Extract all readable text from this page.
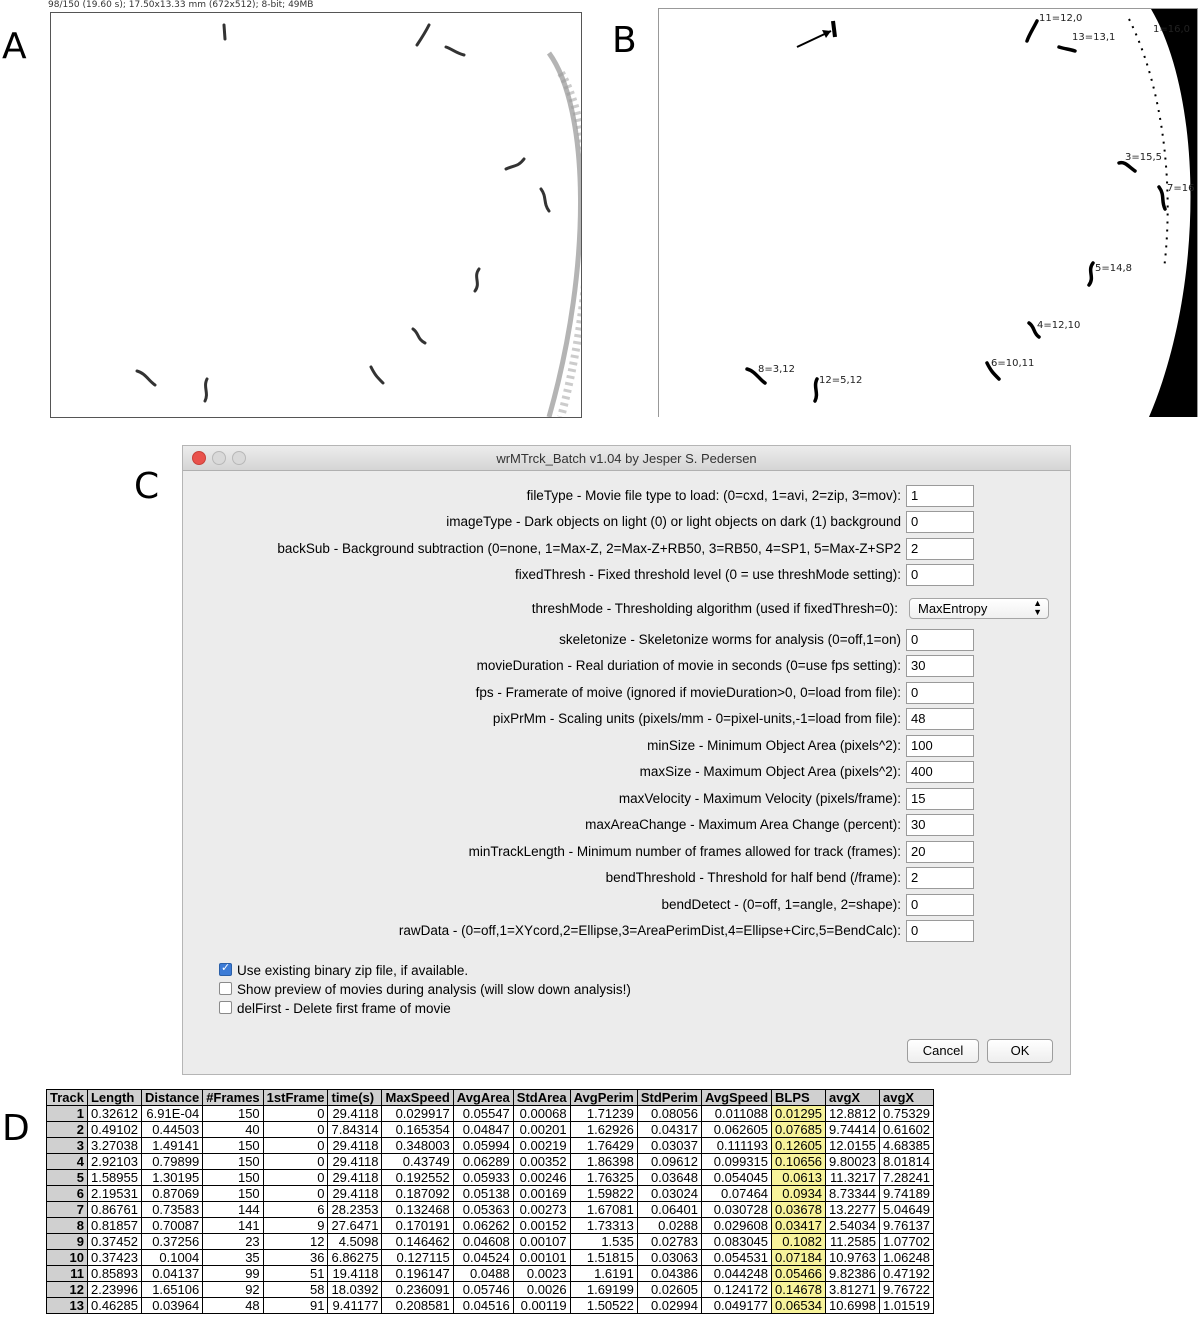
A	B
C
D
98/150 (19.60 s); 17.50x13.33 mm (672x512); 8-bit; 49MB
11=12,0
13=13,1
1=16,0
3=15,5
7=16
5=14,8
4=12,10
6=10,11
8=3,12
12=5,12
wrMTrck_Batch v1.04 by Jesper S. Pedersen
fileType - Movie file type to load: (0=cxd, 1=avi, 2=zip, 3=mov): 1
imageType - Dark objects on light (0) or light objects on dark (1) background 0
backSub - Background subtraction (0=none, 1=Max-Z, 2=Max-Z+RB50, 3=RB50, 4=SP1, 5=Max-Z+SP2 2
fixedThresh - Fixed threshold level (0 = use threshMode setting): 0
threshMode - Thresholding algorithm (used if fixedThresh=0):	MaxEntropy	▲
▼
skeletonize - Skeletonize worms for analysis (0=off,1=on) 0
movieDuration - Real duriation of movie in seconds (0=use fps setting): 30
fps - Framerate of moive (ignored if movieDuration>0, 0=load from file): 0
pixPrMm - Scaling units (pixels/mm - 0=pixel-units,-1=load from file): 48
minSize - Minimum Object Area (pixels^2): 100
maxSize - Maximum Object Area (pixels^2): 400
maxVelocity - Maximum Velocity (pixels/frame): 15
maxAreaChange - Maximum Area Change (percent): 30
minTrackLength - Minimum number of frames allowed for track (frames): 20
bendThreshold - Threshold for half bend (/frame): 2
bendDetect - (0=off, 1=angle, 2=shape): 0
rawData - (0=off,1=XYcord,2=Ellipse,3=AreaPerimDist,4=Ellipse+Circ,5=BendCalc): 0
✓Use existing binary zip file, if available.
Show preview of movies during analysis (will slow down analysis!)
delFirst - Delete first frame of movie
Cancel	OK
Track	Length	Distance	#Frames	1stFrame	time(s)	MaxSpeed	AvgArea	StdArea	AvgPerim	StdPerim	AvgSpeed	BLPS	avgX	avgX
1	0.32612	6.91E-04	150	0	29.4118	0.029917	0.05547	0.00068	1.71239	0.08056	0.011088	0.01295	12.8812	0.75329
2	0.49102	0.44503	40	0	7.84314	0.165354	0.04847	0.00201	1.62926	0.04317	0.062605	0.07685	9.74414	0.61602
3	3.27038	1.49141	150	0	29.4118	0.348003	0.05994	0.00219	1.76429	0.03037	0.111193	0.12605	12.0155	4.68385
4	2.92103	0.79899	150	0	29.4118	0.43749	0.06289	0.00352	1.86398	0.09612	0.099315	0.10656	9.80023	8.01814
5	1.58955	1.30195	150	0	29.4118	0.192552	0.05933	0.00246	1.76325	0.03648	0.054045	0.0613	11.3217	7.28241
6	2.19531	0.87069	150	0	29.4118	0.187092	0.05138	0.00169	1.59822	0.03024	0.07464	0.0934	8.73344	9.74189
7	0.86761	0.73583	144	6	28.2353	0.132468	0.05363	0.00273	1.67081	0.06401	0.030728	0.03678	13.2277	5.04649
8	0.81857	0.70087	141	9	27.6471	0.170191	0.06262	0.00152	1.73313	0.0288	0.029608	0.03417	2.54034	9.76137
9	0.37452	0.37256	23	12	4.5098	0.146462	0.04608	0.00107	1.535	0.02783	0.083045	0.1082	11.2585	1.07702
10	0.37423	0.1004	35	36	6.86275	0.127115	0.04524	0.00101	1.51815	0.03063	0.054531	0.07184	10.9763	1.06248
11	0.85893	0.04137	99	51	19.4118	0.196147	0.0488	0.0023	1.6191	0.04386	0.044248	0.05466	9.82386	0.47192
12	2.23996	1.65106	92	58	18.0392	0.236091	0.05746	0.0026	1.69199	0.02605	0.124172	0.14678	3.81271	9.76722
13	0.46285	0.03964	48	91	9.41177	0.208581	0.04516	0.00119	1.50522	0.02994	0.049177	0.06534	10.6998	1.01519
